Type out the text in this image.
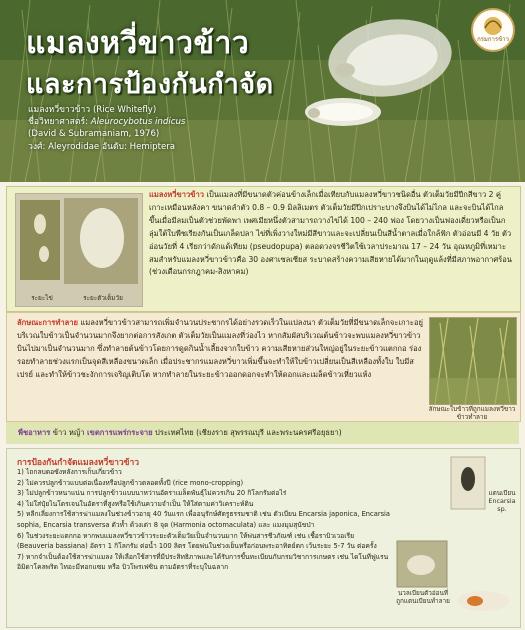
แมลงหวี่ขาวข้าว
และการป้องกันกำจัด
กรมการข้าว
แมลงหวี่ขาวข้าว (Rice Whitefly)
ชื่อวิทยาศาสตร์: Aleurocybotus indicus
(David & Subramaniam, 1976)
วงศ์: Aleyrodidae อันดับ: Hemiptera
ระยะไข่	ระยะตัวเต็มวัย
แมลงหวี่ขาวข้าว เป็นแมลงที่มีขนาดตัวค่อนข้างเล็กเมื่อเทียบกับแมลงหวี่ขาวชนิดอื่น ตัวเต็มวัยมีปีกสีขาว 2 คู่ เกาะเหมือนหลังคา ขนาดลำตัว 0.8 – 0.9 มิลลิเมตร ตัวเต็มวัยมีปีกเปราะบางจึงบินได้ไม่ไกล และจะบินได้ไกลขึ้นเมื่อมีลมเป็นตัวช่วยพัดพา เพศเมียหนึ่งตัวสามารถวางไข่ได้ 100 – 240 ฟอง โดยวางเป็นฟองเดี่ยวหรือเป็นกลุ่มใต้ใบพืชเรียงกันเป็นเกล็ดปลา ไข่ที่เพิ่งวางใหม่มีสีขาวและจะเปลี่ยนเป็นสีน้ำตาลเมื่อใกล้ฟัก ตัวอ่อนมี 4 วัย ตัวอ่อนวัยที่ 4 เรียกว่าดักแด้เทียม (pseudopupa) ตลอดวงจรชีวิตใช้เวลาประมาณ 17 – 24 วัน อุณหภูมิที่เหมาะสมสำหรับแมลงหวี่ขาวข้าวคือ 30 องศาเซลเซียส ระบาดสร้างความเสียหายได้มากในฤดูแล้งที่มีสภาพอากาศร้อน (ช่วงเดือนกรกฎาคม-สิงหาคม)
ลักษณะการทำลาย แมลงหวี่ขาวข้าวสามารถเพิ่มจำนวนประชากรได้อย่างรวดเร็วในแปลงนา ตัวเต็มวัยที่มีขนาดเล็กจะเกาะอยู่บริเวณใบข้าวเป็นจำนวนมากจึงยากต่อการสังเกต ตัวเต็มวัยเป็นแมลงที่ว่องไว หากสัมผัสบริเวณต้นข้าวจะพบแมลงหวี่ขาวข้าวบินไปมาเป็นจำนวนมาก ซึ่งทำลายต้นข้าวโดยการดูดกินน้ำเลี้ยงจากใบข้าว ความเสียหายส่วนใหญ่อยู่ในระยะข้าวแตกกอ ร่องรอยทำลายช่วงแรกเป็นจุดสีเหลืองขนาดเล็ก เมื่อประชากรแมลงหวี่ขาวเพิ่มขึ้นจะทำให้ใบข้าวเปลี่ยนเป็นสีเหลืองทั้งใบ ใบมีสเปรย์ และทำให้ข้าวชะงักการเจริญเติบโต หากทำลายในระยะข้าวออกดอกจะทำให้ดอกและเมล็ดข้าวเหี่ยวแห้ง
ลักษณะใบข้าวที่ถูกแมลงหวี่ขาวข้าวทำลาย
พืชอาหาร ข้าว หญ้า เขตการแพร่กระจาย ประเทศไทย (เชียงราย สุพรรณบุรี และพระนครศรีอยุธยา)
การป้องกันกำจัดแมลงหวี่ขาวข้าว
1) ไถกลบตอซังหลังการเก็บเกี่ยวข้าว
2) ไม่ควรปลูกข้าวแบบต่อเนื่องหรือปลูกข้าวตลอดทั้งปี (rice mono-cropping)
3) ไม่ปลูกข้าวหนาแน่น การปลูกข้าวแบบนาหว่านอัตราเมล็ดพันธุ์ไม่ควรเกิน 20 กิโลกรัมต่อไร่
4) ไม่ใส่ปุ๋ยไนโตรเจนในอัตราที่สูงหรือใช้เกินความจำเป็น ให้ใส่ตามค่าวิเคราะห์ดิน
5) หลีกเลี่ยงการใช้สารฆ่าแมลงในช่วงข้าวอายุ 40 วันแรก เพื่ออนุรักษ์ศัตรูธรรมชาติ เช่น ตัวเบียน Encarsia japonica, Encarsia sophia, Encarsia transversa ตัวห้ำ ด้วงเต่า 8 จุด (Harmonia octomaculata) และ แมงมุมสุนัขป่า
6) ในช่วงระยะแตกกอ หากพบแมลงหวี่ขาวข้าวระยะตัวเต็มวัยเป็นจำนวนมาก ให้พ่นสารชีวภัณฑ์ เช่น เชื้อราบิวเวอเรีย (Beauveria bassiana) อัตรา 1 กิโลกรัม ต่อน้ำ 100 ลิตร โดยพ่นในช่วงเย็นหรือก่อนพระอาทิตย์ตก เว้นระยะ 5-7 วัน ต่อครั้ง
7) หากจำเป็นต้องใช้สารฆ่าแมลง ให้เลือกใช้สารที่มีประสิทธิภาพและได้รับการขึ้นทะเบียนกับกรมวิชาการเกษตร เช่น ไดโนทีฟูแรน อิมิดาโคลพริด ไทอะมีทอกแซม หรือ บิวโพรเฟซิน ตามอัตราที่ระบุในฉลาก
แตนเบียน Encarsia sp.
นวลเบียนตัวอ่อนที่ถูกแตนเบียนทำลาย
